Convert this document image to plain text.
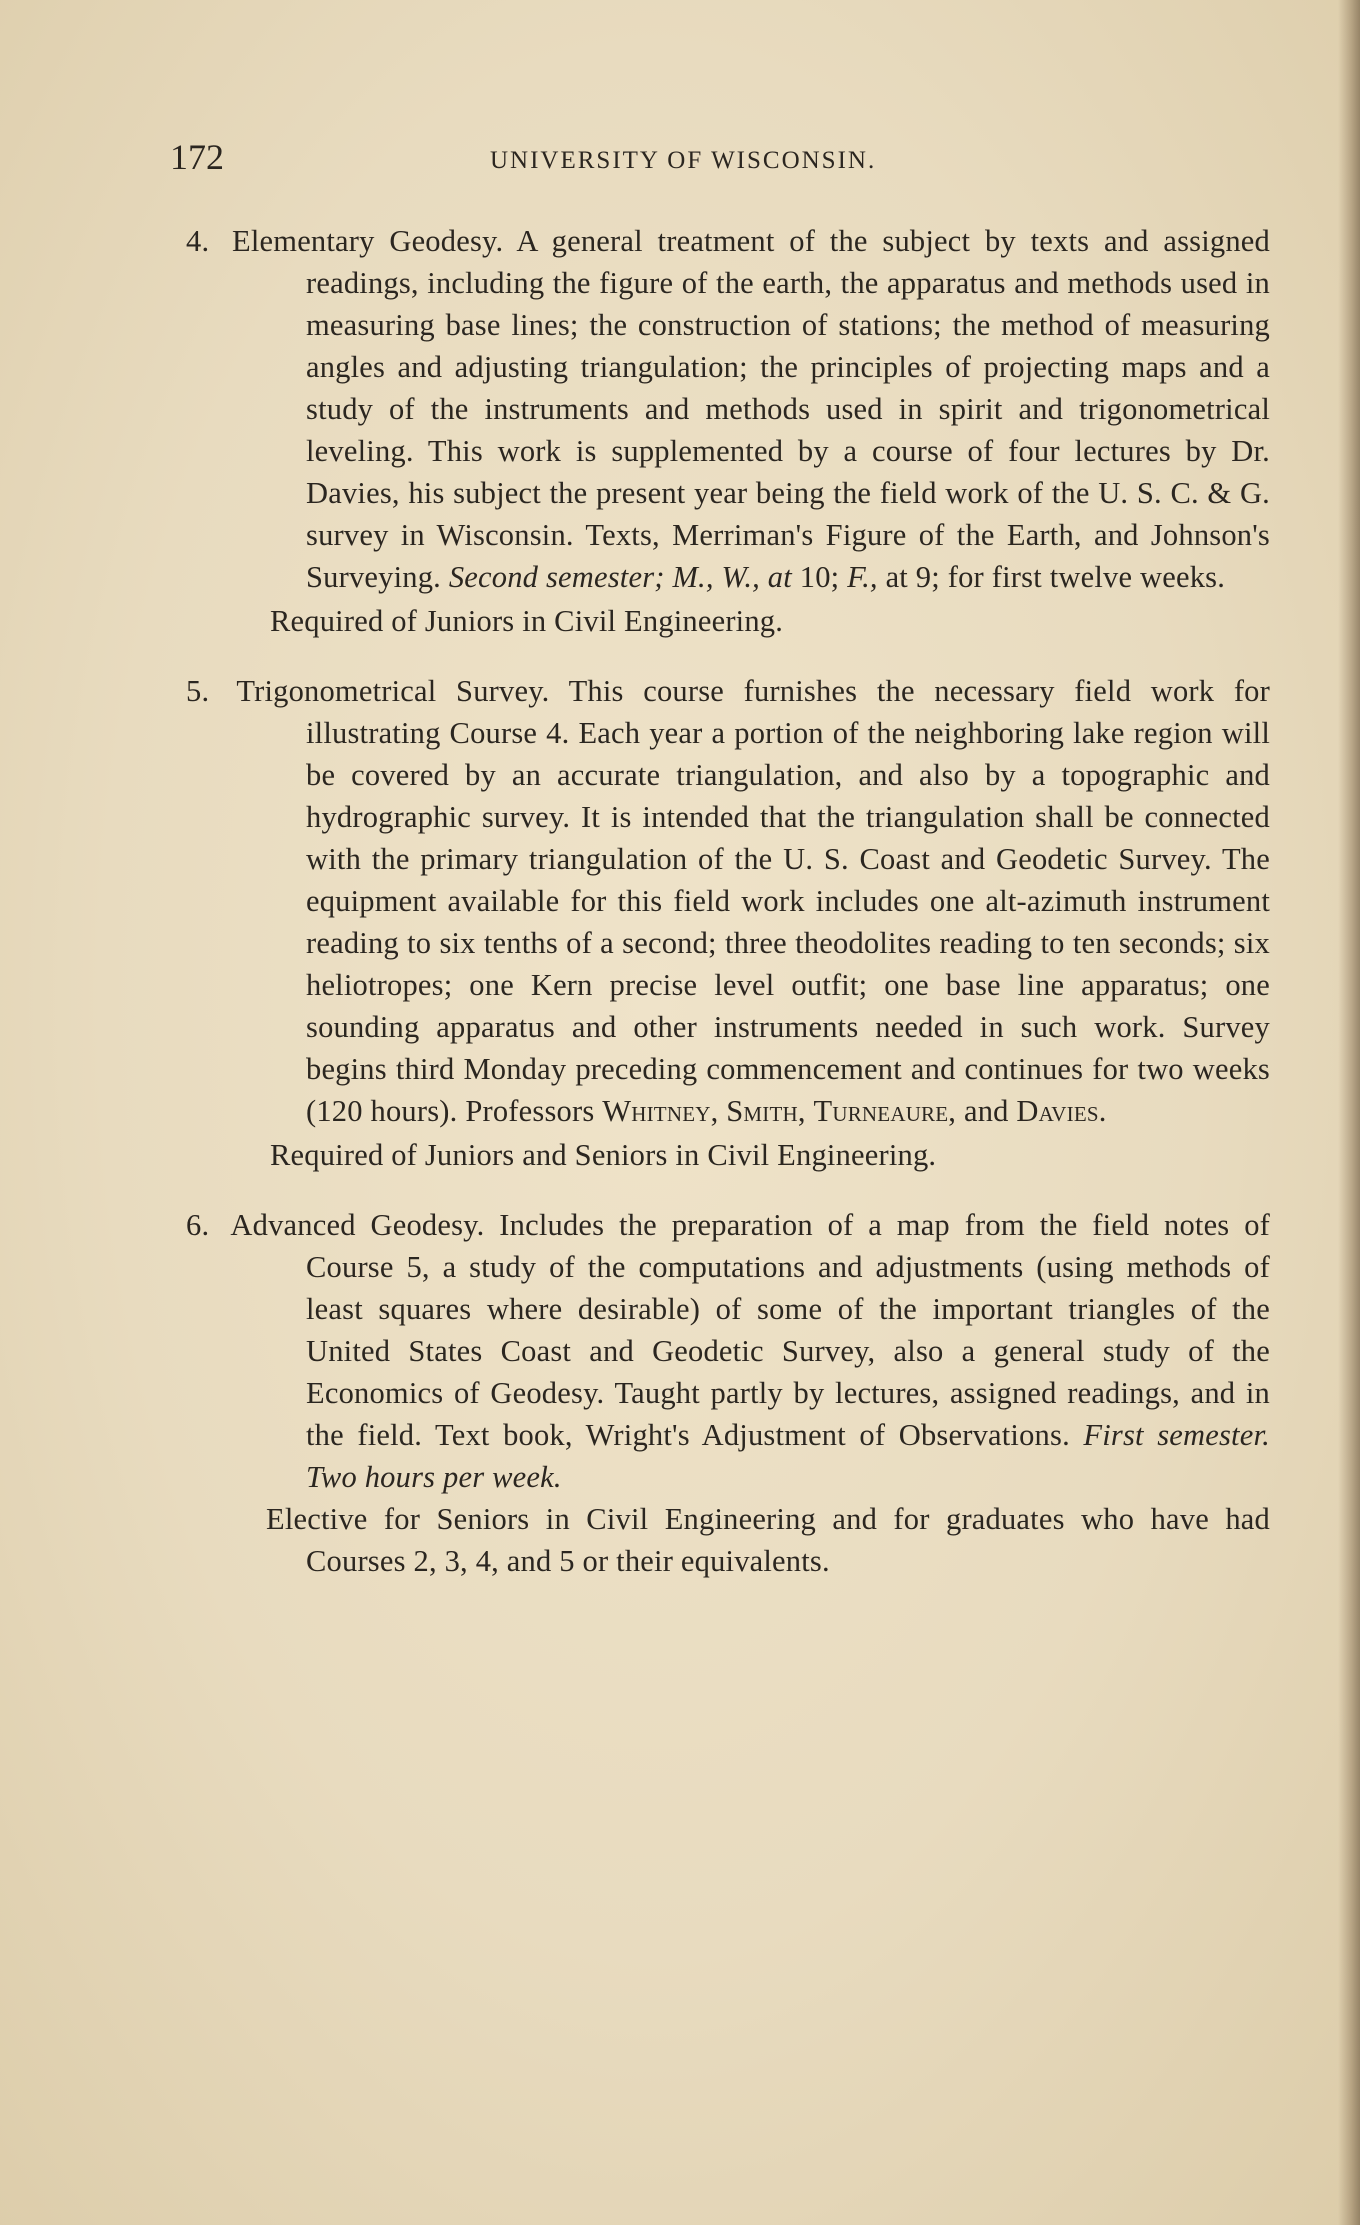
172	UNIVERSITY OF WISCONSIN.

4. Elementary Geodesy. A general treatment of the subject by texts and assigned readings, including the figure of the earth, the apparatus and methods used in measuring base lines; the construction of stations; the method of measuring angles and adjusting triangulation; the principles of projecting maps and a study of the instruments and methods used in spirit and trigonometrical leveling. This work is supplemented by a course of four lectures by Dr. Davies, his subject the present year being the field work of the U. S. C. & G. survey in Wisconsin. Texts, Merriman's Figure of the Earth, and Johnson's Surveying. Second semester; M., W., at 10; F., at 9; for first twelve weeks.

Required of Juniors in Civil Engineering.

5. Trigonometrical Survey. This course furnishes the necessary field work for illustrating Course 4. Each year a portion of the neighboring lake region will be covered by an accurate triangulation, and also by a topographic and hydrographic survey. It is intended that the triangulation shall be connected with the primary triangulation of the U. S. Coast and Geodetic Survey. The equipment available for this field work includes one alt-azimuth instrument reading to six tenths of a second; three theodolites reading to ten seconds; six heliotropes; one Kern precise level outfit; one base line apparatus; one sounding apparatus and other instruments needed in such work. Survey begins third Monday preceding commencement and continues for two weeks (120 hours). Professors Whitney, Smith, Turneaure, and Davies.

Required of Juniors and Seniors in Civil Engineering.

6. Advanced Geodesy. Includes the preparation of a map from the field notes of Course 5, a study of the computations and adjustments (using methods of least squares where desirable) of some of the important triangles of the United States Coast and Geodetic Survey, also a general study of the Economics of Geodesy. Taught partly by lectures, assigned readings, and in the field. Text book, Wright's Adjustment of Observations. First semester. Two hours per week.

Elective for Seniors in Civil Engineering and for graduates who have had Courses 2, 3, 4, and 5 or their equivalents.
